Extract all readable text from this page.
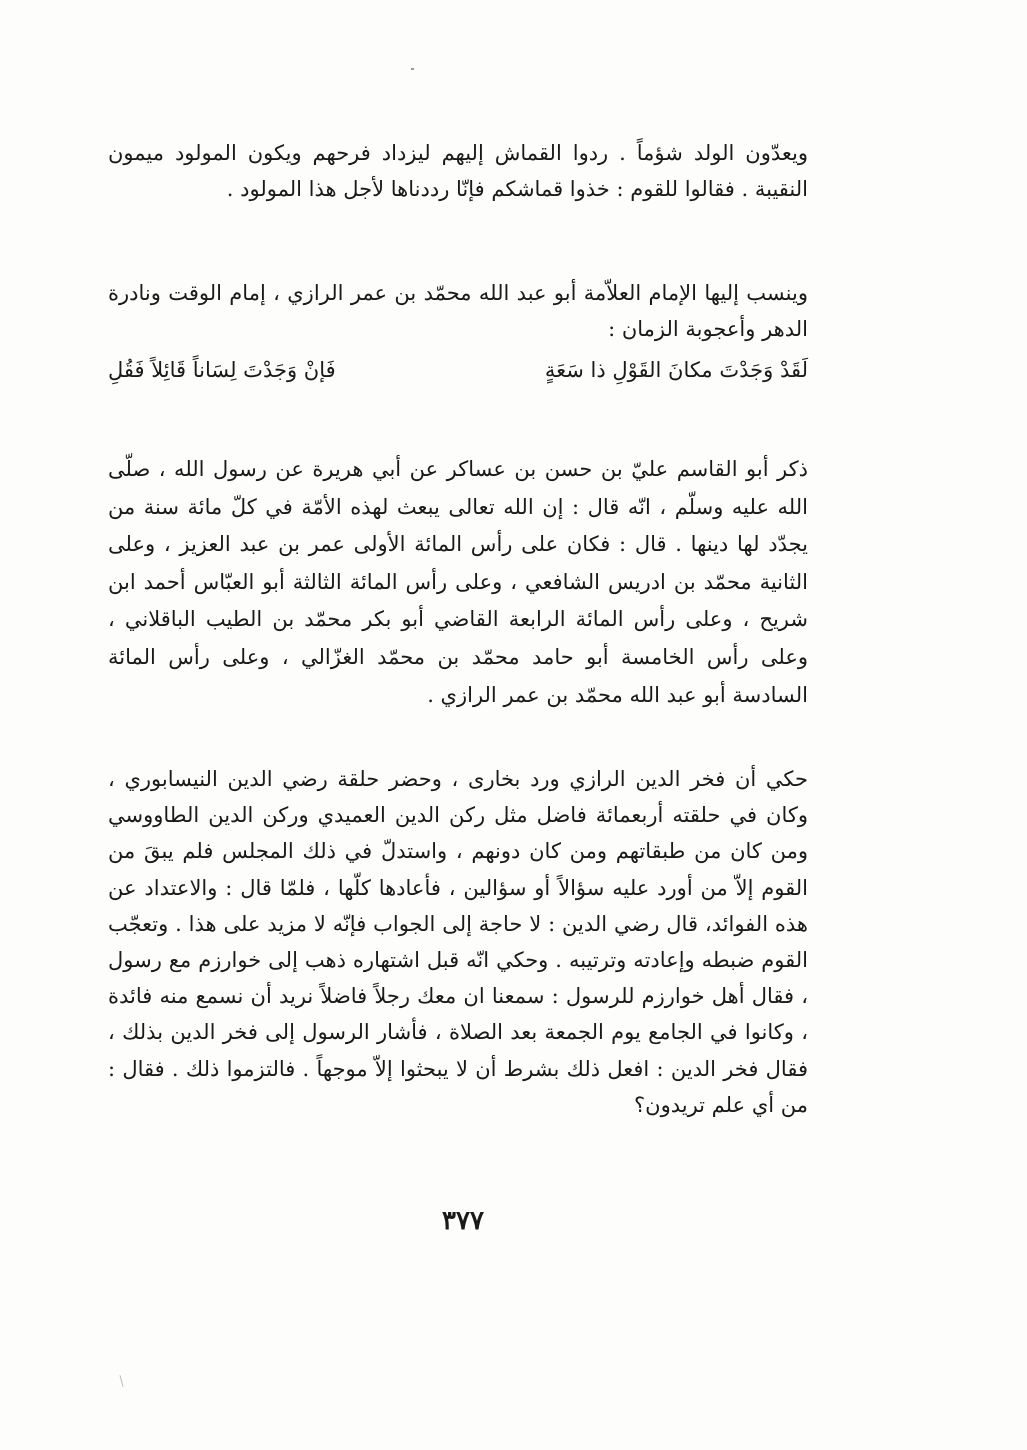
ويعدّون الولد شؤماً . ردوا القماش إليهم ليزداد فرحهم ويكون المولود ميمون النقيبة . فقالوا للقوم : خذوا قماشكم فإنّا رددناها لأجل هذا المولود .

وينسب إليها الإمام العلاّمة أبو عبد الله محمّد بن عمر الرازي ، إمام الوقت ونادرة الدهر وأعجوبة الزمان :

لَقَدْ وَجَدْتَ مكانَ القَوْلِ ذا سَعَةٍ
فَإنْ وَجَدْتَ لِسَاناً قَائِلاً فَقُلِ

ذكر أبو القاسم عليّ بن حسن بن عساكر عن أبي هريرة عن رسول الله ، صلّى الله عليه وسلّم ، انّه قال : إن الله تعالى يبعث لهذه الأمّة في كلّ مائة سنة من يجدّد لها دينها . قال : فكان على رأس المائة الأولى عمر بن عبد العزيز ، وعلى الثانية محمّد بن ادريس الشافعي ، وعلى رأس المائة الثالثة أبو العبّاس أحمد ابن شريح ، وعلى رأس المائة الرابعة القاضي أبو بكر محمّد بن الطيب الباقلاني ، وعلى رأس الخامسة أبو حامد محمّد بن محمّد الغزّالي ، وعلى رأس المائة السادسة أبو عبد الله محمّد بن عمر الرازي .

حكي أن فخر الدين الرازي ورد بخارى ، وحضر حلقة رضي الدين النيسابوري ، وكان في حلقته أربعمائة فاضل مثل ركن الدين العميدي وركن الدين الطاووسي ومن كان من طبقاتهم ومن كان دونهم ، واستدلّ في ذلك المجلس فلم يبقَ من القوم إلاّ من أورد عليه سؤالاً أو سؤالين ، فأعادها كلّها ، فلمّا قال : والاعتداد عن هذه الفوائد، قال رضي الدين : لا حاجة إلى الجواب فإنّه لا مزيد على هذا . وتعجّب القوم ضبطه وإعادته وترتيبه . وحكي انّه قبل اشتهاره ذهب إلى خوارزم مع رسول ، فقال أهل خوارزم للرسول : سمعنا ان معك رجلاً فاضلاً نريد أن نسمع منه فائدة ، وكانوا في الجامع يوم الجمعة بعد الصلاة ، فأشار الرسول إلى فخر الدين بذلك ، فقال فخر الدين : افعل ذلك بشرط أن لا يبحثوا إلاّ موجهاً . فالتزموا ذلك . فقال : من أي علم تريدون؟

٣٧٧
